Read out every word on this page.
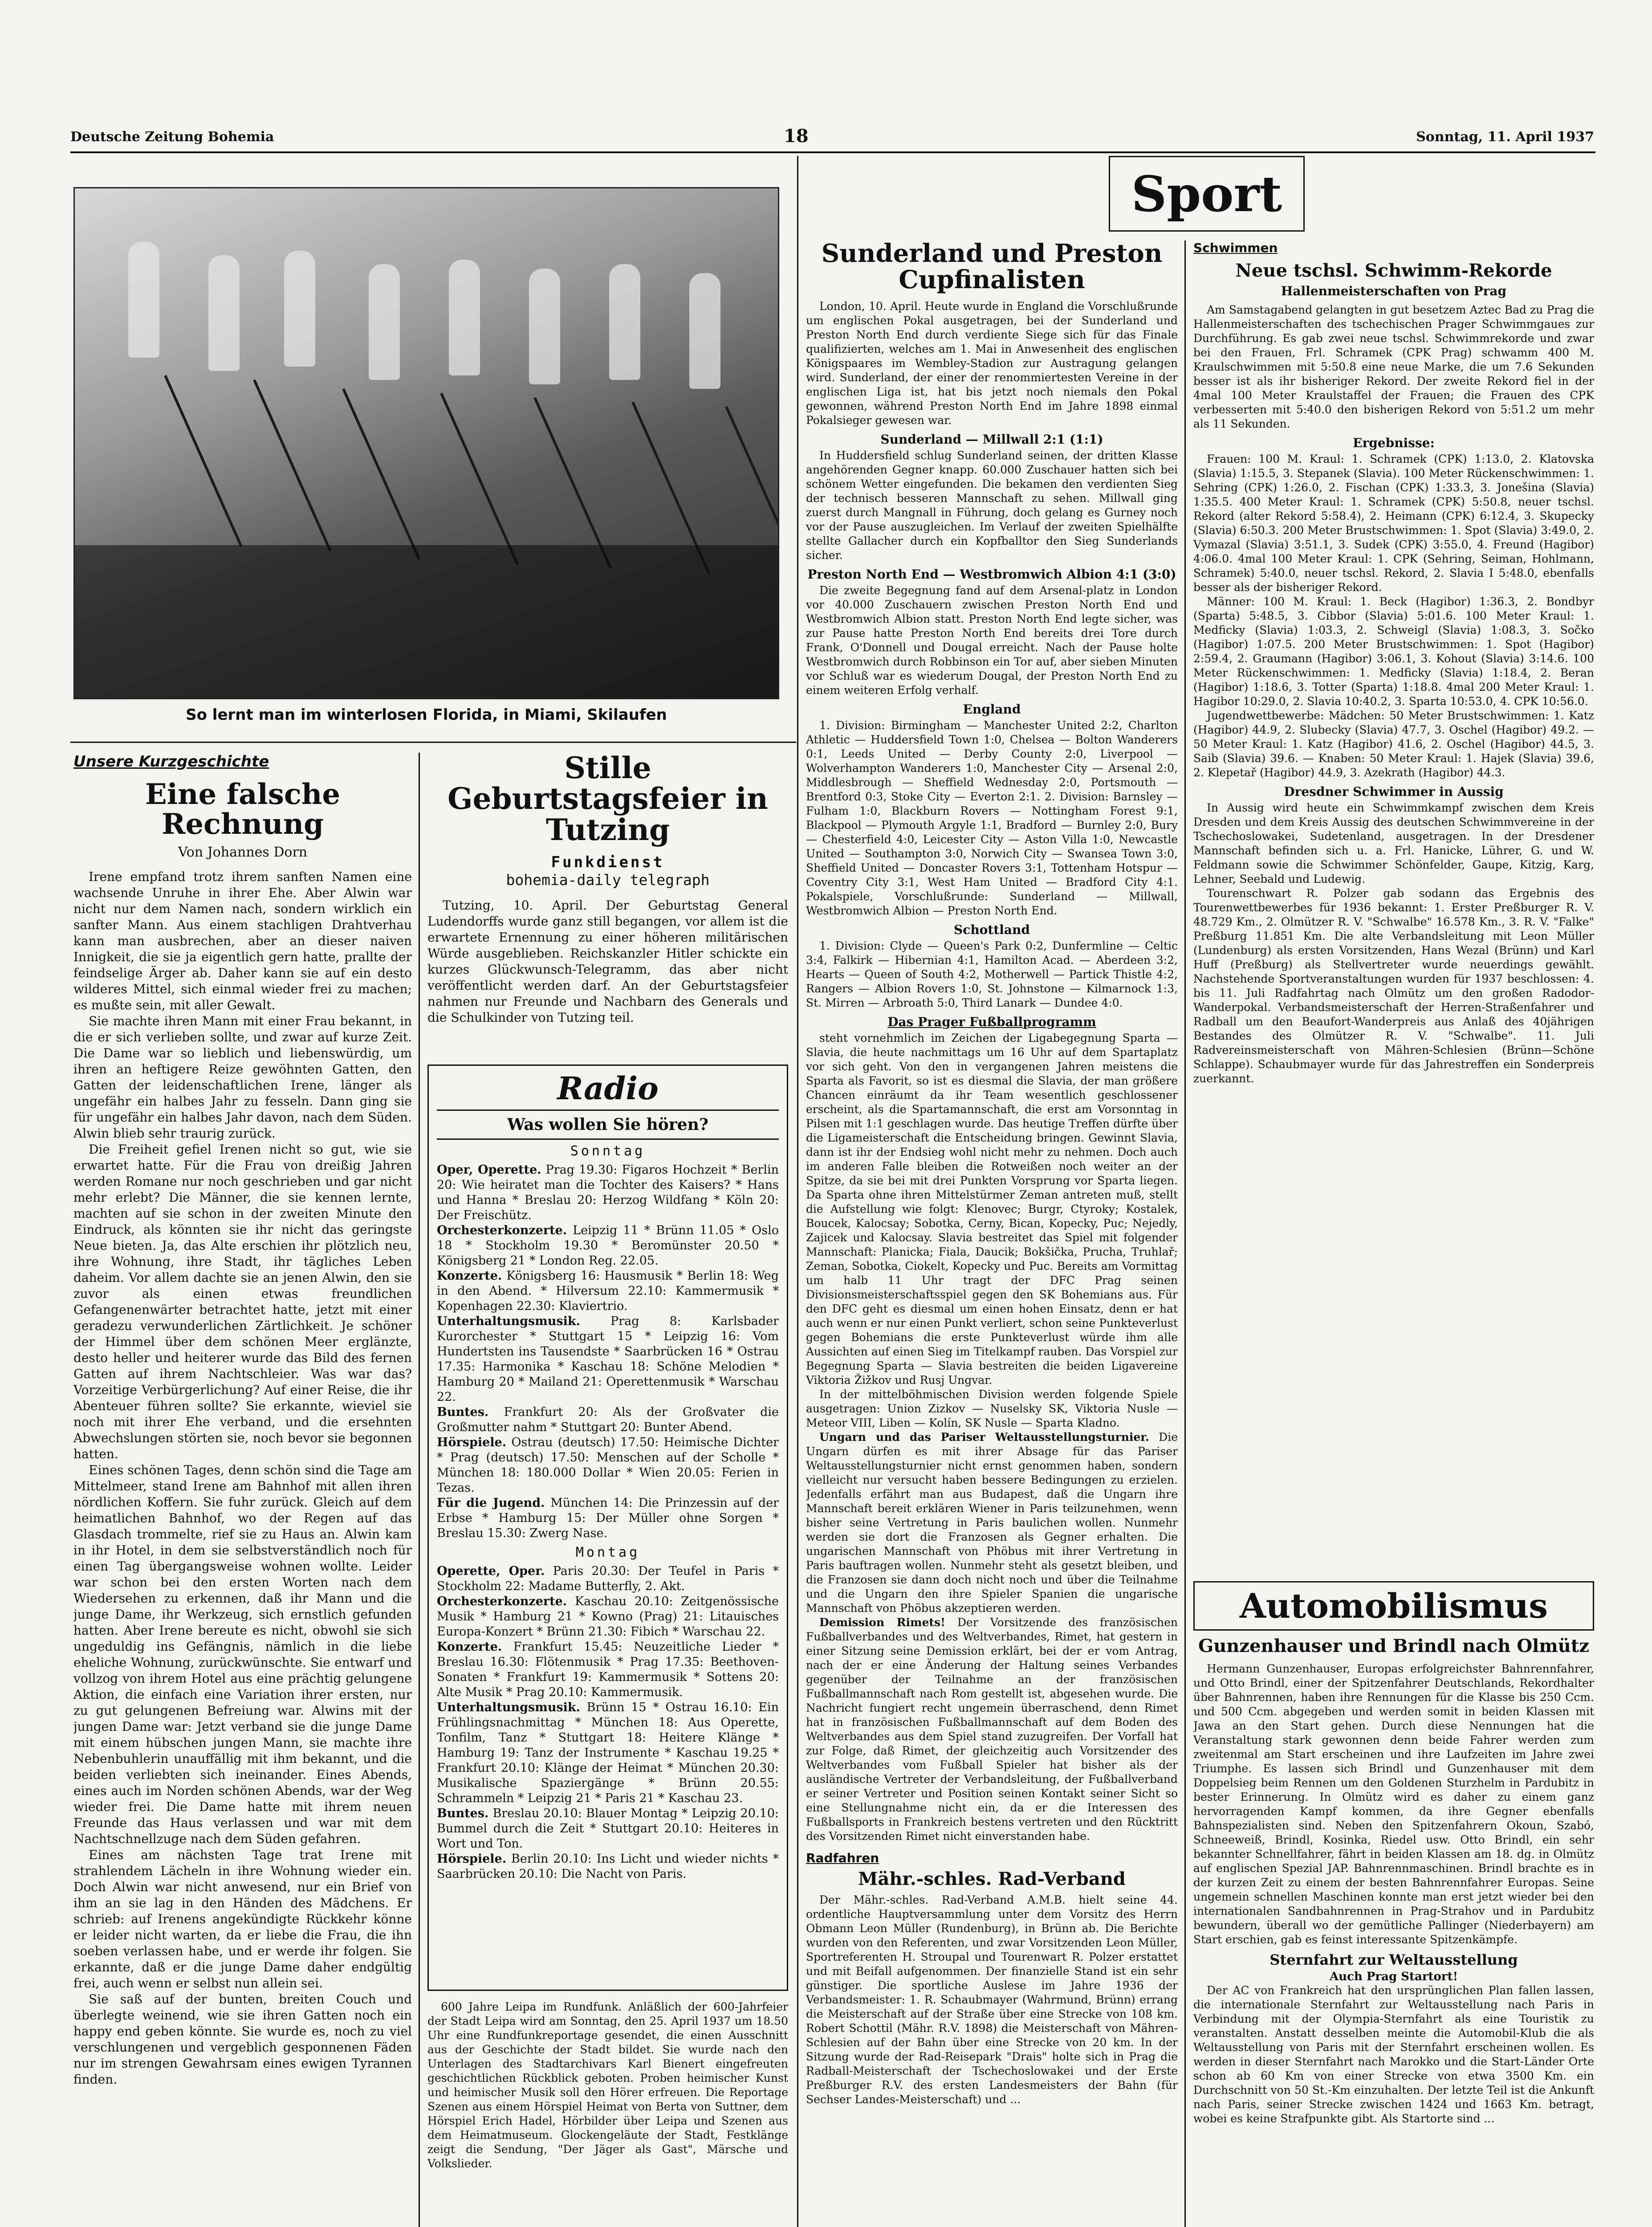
Deutsche Zeitung Bohemia	18	Sonntag, 11. April 1937
So lernt man im winterlosen Florida, in Miami, Skilaufen
Unsere Kurzgeschichte
Eine falsche Rechnung
Von Johannes Dorn

Irene empfand trotz ihrem sanften Namen eine wachsende Unruhe in ihrer Ehe. Aber Alwin war nicht nur dem Namen nach, sondern wirklich ein sanfter Mann. Aus einem stachligen Drahtverhau kann man ausbrechen, aber an dieser naiven Innigkeit, die sie ja eigentlich gern hatte, prallte der feindselige Ärger ab. Daher kann sie auf ein desto wilderes Mittel, sich einmal wieder frei zu machen; es mußte sein, mit aller Gewalt.

Sie machte ihren Mann mit einer Frau bekannt, in die er sich verlieben sollte, und zwar auf kurze Zeit. Die Dame war so lieblich und liebenswürdig, um ihren an heftigere Reize gewöhnten Gatten, den Gatten der leidenschaftlichen Irene, länger als ungefähr ein halbes Jahr zu fesseln. Dann ging sie für ungefähr ein halbes Jahr davon, nach dem Süden. Alwin blieb sehr traurig zurück.

Die Freiheit gefiel Irenen nicht so gut, wie sie erwartet hatte. Für die Frau von dreißig Jahren werden Romane nur noch geschrieben und gar nicht mehr erlebt? Die Männer, die sie kennen lernte, machten auf sie schon in der zweiten Minute den Eindruck, als könnten sie ihr nicht das geringste Neue bieten. Ja, das Alte erschien ihr plötzlich neu, ihre Wohnung, ihre Stadt, ihr tägliches Leben daheim. Vor allem dachte sie an jenen Alwin, den sie zuvor als einen etwas freundlichen Gefangenenwärter betrachtet hatte, jetzt mit einer geradezu verwunderlichen Zärtlichkeit. Je schöner der Himmel über dem schönen Meer erglänzte, desto heller und heiterer wurde das Bild des fernen Gatten auf ihrem Nachtschleier. Was war das? Vorzeitige Verbürgerlichung? Auf einer Reise, die ihr Abenteuer führen sollte? Sie erkannte, wieviel sie noch mit ihrer Ehe verband, und die ersehnten Abwechslungen störten sie, noch bevor sie begonnen hatten.

Eines schönen Tages, denn schön sind die Tage am Mittelmeer, stand Irene am Bahnhof mit allen ihren nördlichen Koffern. Sie fuhr zurück. Gleich auf dem heimatlichen Bahnhof, wo der Regen auf das Glasdach trommelte, rief sie zu Haus an. Alwin kam in ihr Hotel, in dem sie selbstverständlich noch für einen Tag übergangsweise wohnen wollte. Leider war schon bei den ersten Worten nach dem Wiedersehen zu erkennen, daß ihr Mann und die junge Dame, ihr Werkzeug, sich ernstlich gefunden hatten. Aber Irene bereute es nicht, obwohl sie sich ungeduldig ins Gefängnis, nämlich in die liebe eheliche Wohnung, zurückwünschte. Sie entwarf und vollzog von ihrem Hotel aus eine prächtig gelungene Aktion, die einfach eine Variation ihrer ersten, nur zu gut gelungenen Befreiung war. Alwins mit der jungen Dame war: Jetzt verband sie die junge Dame mit einem hübschen jungen Mann, sie machte ihre Nebenbuhlerin unauffällig mit ihm bekannt, und die beiden verliebten sich ineinander. Eines Abends, eines auch im Norden schönen Abends, war der Weg wieder frei. Die Dame hatte mit ihrem neuen Freunde das Haus verlassen und war mit dem Nachtschnellzuge nach dem Süden gefahren.

Eines am nächsten Tage trat Irene mit strahlendem Lächeln in ihre Wohnung wieder ein. Doch Alwin war nicht anwesend, nur ein Brief von ihm an sie lag in den Händen des Mädchens. Er schrieb: auf Irenens angekündigte Rückkehr könne er leider nicht warten, da er liebe die Frau, die ihn soeben verlassen habe, und er werde ihr folgen. Sie erkannte, daß er die junge Dame daher endgültig frei, auch wenn er selbst nun allein sei.

Sie saß auf der bunten, breiten Couch und überlegte weinend, wie sie ihren Gatten noch ein happy end geben könnte. Sie wurde es, noch zu viel verschlungenen und vergeblich gesponnenen Fäden nur im strengen Gewahrsam eines ewigen Tyrannen finden.

Stille Geburtstagsfeier in Tutzing
Funkdienst
bohemia-daily telegraph

Tutzing, 10. April. Der Geburtstag General Ludendorffs wurde ganz still begangen, vor allem ist die erwartete Ernennung zu einer höheren militärischen Würde ausgeblieben. Reichskanzler Hitler schickte ein kurzes Glückwunsch-Telegramm, das aber nicht veröffentlicht werden darf. An der Geburtstagsfeier nahmen nur Freunde und Nachbarn des Generals und die Schulkinder von Tutzing teil.

Radio
Was wollen Sie hören?
Sonntag

Oper, Operette. Prag 19.30: Figaros Hochzeit * Berlin 20: Wie heiratet man die Tochter des Kaisers? * Hans und Hanna * Breslau 20: Herzog Wildfang * Köln 20: Der Freischütz.

Orchesterkonzerte. Leipzig 11 * Brünn 11.05 * Oslo 18 * Stockholm 19.30 * Beromünster 20.50 * Königsberg 21 * London Reg. 22.05.

Konzerte. Königsberg 16: Hausmusik * Berlin 18: Weg in den Abend. * Hilversum 22.10: Kammermusik * Kopenhagen 22.30: Klaviertrio.

Unterhaltungsmusik.	Prag 8: Karlsbader Kurorchester * Stuttgart 15 * Leipzig 16: Vom Hundertsten ins Tausendste * Saarbrücken 16 * Ostrau 17.35: Harmonika * Kaschau 18: Schöne Melodien * Hamburg 20 * Mailand 21: Operettenmusik * Warschau 22.

Buntes. Frankfurt 20: Als der Großvater die Großmutter nahm * Stuttgart 20: Bunter Abend.

Hörspiele. Ostrau (deutsch) 17.50: Heimische Dichter * Prag (deutsch) 17.50: Menschen auf der Scholle * München 18: 180.000 Dollar * Wien 20.05: Ferien in Tezas.

Für die Jugend. München 14: Die Prinzessin auf der Erbse * Hamburg 15: Der Müller ohne Sorgen * Breslau 15.30: Zwerg Nase.

Montag

Operette, Oper. Paris 20.30: Der Teufel in Paris * Stockholm 22: Madame Butterfly, 2. Akt.

Orchesterkonzerte. Kaschau 20.10: Zeitgenössische Musik * Hamburg 21 * Kowno (Prag) 21: Litauisches Europa-Konzert * Brünn 21.30: Fibich * Warschau 22.

Konzerte. Frankfurt 15.45: Neuzeitliche Lieder * Breslau 16.30: Flötenmusik * Prag 17.35: Beethoven-Sonaten * Frankfurt 19: Kammermusik * Sottens 20: Alte Musik * Prag 20.10: Kammermusik.

Unterhaltungsmusik. Brünn 15 * Ostrau 16.10: Ein Frühlingsnachmittag * München 18: Aus Operette, Tonfilm, Tanz * Stuttgart 18: Heitere Klänge * Hamburg 19: Tanz der Instrumente * Kaschau 19.25 * Frankfurt 20.10: Klänge der Heimat * München 20.30: Musikalische Spaziergänge * Brünn 20.55: Schrammeln * Leipzig 21 * Paris 21 * Kaschau 23.

Buntes. Breslau 20.10: Blauer Montag * Leipzig 20.10: Bummel durch die Zeit * Stuttgart 20.10: Heiteres in Wort und Ton.

Hörspiele. Berlin 20.10: Ins Licht und wieder nichts * Saarbrücken 20.10: Die Nacht von Paris.

600 Jahre Leipa im Rundfunk. Anläßlich der 600-Jahrfeier der Stadt Leipa wird am Sonntag, den 25. April 1937 um 18.50 Uhr eine Rundfunkreportage gesendet, die einen Ausschnitt aus der Geschichte der Stadt bildet. Sie wurde nach den Unterlagen des Stadtarchivars Karl Bienert eingefreuten geschichtlichen Rückblick geboten. Proben heimischer Kunst und heimischer Musik soll den Hörer erfreuen. Die Reportage Szenen aus einem Hörspiel Heimat von Berta von Suttner, dem Hörspiel Erich Hadel, Hörbilder über Leipa und Szenen aus dem Heimatmuseum. Glockengeläute der Stadt, Festklänge zeigt die Sendung, "Der Jäger als Gast", Märsche und Volkslieder.

Sport
Sunderland und Preston Cupfinalisten

London, 10. April. Heute wurde in England die Vorschlußrunde um englischen Pokal ausgetragen, bei der Sunderland und Preston North End durch verdiente Siege sich für das Finale qualifizierten, welches am 1. Mai in Anwesenheit des englischen Königspaares im Wembley-Stadion zur Austragung gelangen wird. Sunderland, der einer der renommiertesten Vereine in der englischen Liga ist, hat bis jetzt noch niemals den Pokal gewonnen, während Preston North End im Jahre 1898 einmal Pokalsieger gewesen war.

Sunderland — Millwall 2:1 (1:1)

In Huddersfield schlug Sunderland seinen, der dritten Klasse angehörenden Gegner knapp. 60.000 Zuschauer hatten sich bei schönem Wetter eingefunden. Die bekamen den verdienten Sieg der technisch besseren Mannschaft zu sehen. Millwall ging zuerst durch Mangnall in Führung, doch gelang es Gurney noch vor der Pause auszugleichen. Im Verlauf der zweiten Spielhälfte stellte Gallacher durch ein Kopfballtor den Sieg Sunderlands sicher.

Preston North End — Westbromwich Albion 4:1 (3:0)

Die zweite Begegnung fand auf dem Arsenal-platz in London vor 40.000 Zuschauern zwischen Preston North End und Westbromwich Albion statt. Preston North End legte sicher, was zur Pause hatte Preston North End bereits drei Tore durch Frank, O'Donnell und Dougal erreicht. Nach der Pause holte Westbromwich durch Robbinson ein Tor auf, aber sieben Minuten vor Schluß war es wiederum Dougal, der Preston North End zu einem weiteren Erfolg verhalf.

England

1. Division: Birmingham — Manchester United 2:2, Charlton Athletic — Huddersfield Town 1:0, Chelsea — Bolton Wanderers 0:1, Leeds United — Derby County 2:0, Liverpool — Wolverhampton Wanderers 1:0, Manchester City — Arsenal 2:0, Middlesbrough — Sheffield Wednesday 2:0, Portsmouth — Brentford 0:3, Stoke City — Everton 2:1. 2. Division: Barnsley — Fulham 1:0, Blackburn Rovers — Nottingham Forest 9:1, Blackpool — Plymouth Argyle 1:1, Bradford — Burnley 2:0, Bury — Chesterfield 4:0, Leicester City — Aston Villa 1:0, Newcastle United — Southampton 3:0, Norwich City — Swansea Town 3:0, Sheffield United — Doncaster Rovers 3:1, Tottenham Hotspur — Coventry City 3:1, West Ham United — Bradford City 4:1. Pokalspiele, Vorschlußrunde: Sunderland — Millwall, Westbromwich Albion — Preston North End.

Schottland

1. Division: Clyde — Queen's Park 0:2, Dunfermline — Celtic 3:4, Falkirk — Hibernian 4:1, Hamilton Acad. — Aberdeen 3:2, Hearts — Queen of South 4:2, Motherwell — Partick Thistle 4:2, Rangers — Albion Rovers 1:0, St. Johnstone — Kilmarnock 1:3, St. Mirren — Arbroath 5:0, Third Lanark — Dundee 4:0.

Das Prager Fußballprogramm

steht vornehmlich im Zeichen der Ligabegegnung Sparta — Slavia, die heute nachmittags um 16 Uhr auf dem Spartaplatz vor sich geht. Von den in vergangenen Jahren meistens die Sparta als Favorit, so ist es diesmal die Slavia, der man größere Chancen einräumt da ihr Team wesentlich geschlossener erscheint, als die Spartamannschaft, die erst am Vorsonntag in Pilsen mit 1:1 geschlagen wurde. Das heutige Treffen dürfte über die Ligameisterschaft die Entscheidung bringen. Gewinnt Slavia, dann ist ihr der Endsieg wohl nicht mehr zu nehmen. Doch auch im anderen Falle bleiben die Rotweißen noch weiter an der Spitze, da sie bei mit drei Punkten Vorsprung vor Sparta liegen. Da Sparta ohne ihren Mittelstürmer Zeman antreten muß, stellt die Aufstellung wie folgt: Klenovec; Burgr, Ctyroky; Kostalek, Boucek, Kalocsay; Sobotka, Cerny, Bican, Kopecky, Puc; Nejedly, Zajicek und Kalocsay. Slavia bestreitet das Spiel mit folgender Mannschaft: Planicka; Fiala, Daucik; Bokšička, Prucha, Truhlař; Zeman, Sobotka, Ciokelt, Kopecky und Puc. Bereits am Vormittag um halb 11 Uhr tragt der DFC Prag seinen Divisionsmeisterschaftsspiel gegen den SK Bohemians aus. Für den DFC geht es diesmal um einen hohen Einsatz, denn er hat auch wenn er nur einen Punkt verliert, schon seine Punkteverlust gegen Bohemians die erste Punkteverlust würde ihm alle Aussichten auf einen Sieg im Titelkampf rauben. Das Vorspiel zur Begegnung Sparta — Slavia bestreiten die beiden Ligavereine Viktoria Žižkov und Rusj Ungvar.

In der mittelböhmischen Division werden folgende Spiele ausgetragen: Union Zizkov — Nuselsky SK, Viktoria Nusle — Meteor VIII, Liben — Kolín, SK Nusle — Sparta Kladno.

Ungarn und das Pariser Weltausstellungsturnier. Die Ungarn dürfen es mit ihrer Absage für das Pariser Weltausstellungsturnier nicht ernst genommen haben, sondern vielleicht nur versucht haben bessere Bedingungen zu erzielen. Jedenfalls erfährt man aus Budapest, daß die Ungarn ihre Mannschaft bereit erklären Wiener in Paris teilzunehmen, wenn bisher seine Vertretung in Paris baulichen wollen. Nunmehr werden sie dort die Franzosen als Gegner erhalten. Die ungarischen Mannschaft von Phöbus mit ihrer Vertretung in Paris bauftragen wollen. Nunmehr steht als gesetzt bleiben, und die Franzosen sie dann doch nicht noch und über die Teilnahme und die Ungarn den ihre Spieler Spanien die ungarische Mannschaft von Phöbus akzeptieren werden.

Demission Rimets! Der Vorsitzende des französischen Fußballverbandes und des Weltverbandes, Rimet, hat gestern in einer Sitzung seine Demission erklärt, bei der er vom Antrag, nach der er eine Änderung der Haltung seines Verbandes gegenüber der Teilnahme an der französischen Fußballmannschaft nach Rom gestellt ist, abgesehen wurde. Die Nachricht fungiert recht ungemein überraschend, denn Rimet hat in französischen Fußballmannschaft auf dem Boden des Weltverbandes aus dem Spiel stand zuzugreifen. Der Vorfall hat zur Folge, daß Rimet, der gleichzeitig auch Vorsitzender des Weltverbandes vom Fußball Spieler hat bisher als der ausländische Vertreter der Verbandsleitung, der Fußballverband er seiner Vertreter und Position seinen Kontakt seiner Sicht so eine Stellungnahme nicht ein, da er die Interessen des Fußballsports in Frankreich bestens vertreten und den Rücktritt des Vorsitzenden Rimet nicht einverstanden habe.

Radfahren
Mähr.-schles. Rad-Verband

Der Mähr.-schles. Rad-Verband A.M.B. hielt seine 44. ordentliche Hauptversammlung unter dem Vorsitz des Herrn Obmann Leon Müller (Rundenburg), in Brünn ab. Die Berichte wurden von den Referenten, und zwar Vorsitzenden Leon Müller, Sportreferenten H. Stroupal und Tourenwart R. Polzer erstattet und mit Beifall aufgenommen. Der finanzielle Stand ist ein sehr günstiger. Die sportliche Auslese im Jahre 1936 der Verbandsmeister: 1. R. Schaubmayer (Wahrmund, Brünn) errang die Meisterschaft auf der Straße über eine Strecke von 108 km. Robert Schottil (Mähr. R.V. 1898) die Meisterschaft von Mähren-Schlesien auf der Bahn über eine Strecke von 20 km. In der Sitzung wurde der Rad-Reisepark "Drais" holte sich in Prag die Radball-Meisterschaft der Tschechoslowakei und der Erste Preßburger R.V. des ersten Landesmeisters der Bahn (für Sechser Landes-Meisterschaft) und ...

Schwimmen
Neue tschsl. Schwimm-Rekorde
Hallenmeisterschaften von Prag

Am Samstagabend gelangten in gut besetzem Aztec Bad zu Prag die Hallenmeisterschaften des tschechischen Prager Schwimmgaues zur Durchführung. Es gab zwei neue tschsl. Schwimmrekorde und zwar bei den Frauen, Frl. Schramek (CPK Prag) schwamm 400 M. Kraulschwimmen mit 5:50.8 eine neue Marke, die um 7.6 Sekunden besser ist als ihr bisheriger Rekord. Der zweite Rekord fiel in der 4mal 100 Meter Kraulstaffel der Frauen; die Frauen des CPK verbesserten mit 5:40.0 den bisherigen Rekord von 5:51.2 um mehr als 11 Sekunden.

Ergebnisse:

Frauen: 100 M. Kraul: 1. Schramek (CPK) 1:13.0, 2. Klatovska (Slavia) 1:15.5, 3. Stepanek (Slavia). 100 Meter Rückenschwimmen: 1. Sehring (CPK) 1:26.0, 2. Fischan (CPK) 1:33.3, 3. Jonešina (Slavia) 1:35.5. 400 Meter Kraul: 1. Schramek (CPK) 5:50.8, neuer tschsl. Rekord (alter Rekord 5:58.4), 2. Heimann (CPK) 6:12.4, 3. Skupecky (Slavia) 6:50.3. 200 Meter Brustschwimmen: 1. Spot (Slavia) 3:49.0, 2. Vymazal (Slavia) 3:51.1, 3. Sudek (CPK) 3:55.0, 4. Freund (Hagibor) 4:06.0. 4mal 100 Meter Kraul: 1. CPK (Sehring, Seiman, Hohlmann, Schramek) 5:40.0, neuer tschsl. Rekord, 2. Slavia I 5:48.0, ebenfalls besser als der bisheriger Rekord.

Männer: 100 M. Kraul: 1. Beck (Hagibor) 1:36.3, 2. Bondbyr (Sparta) 5:48.5, 3. Cibbor (Slavia) 5:01.6. 100 Meter Kraul: 1. Medficky (Slavia) 1:03.3, 2. Schweigl (Slavia) 1:08.3, 3. Sočko (Hagibor) 1:07.5. 200 Meter Brustschwimmen: 1. Spot (Hagibor) 2:59.4, 2. Graumann (Hagibor) 3:06.1, 3. Kohout (Slavia) 3:14.6. 100 Meter Rückenschwimmen: 1. Medficky (Slavia) 1:18.4, 2. Beran (Hagibor) 1:18.6, 3. Totter (Sparta) 1:18.8. 4mal 200 Meter Kraul: 1. Hagibor 10:29.0, 2. Slavia 10:40.2, 3. Sparta 10:53.0, 4. CPK 10:56.0.

Jugendwettbewerbe: Mädchen: 50 Meter Brustschwimmen: 1. Katz (Hagibor) 44.9, 2. Slubecky (Slavia) 47.7, 3. Oschel (Hagibor) 49.2. — 50 Meter Kraul: 1. Katz (Hagibor) 41.6, 2. Oschel (Hagibor) 44.5, 3. Saib (Slavia) 39.6. — Knaben: 50 Meter Kraul: 1. Hajek (Slavia) 39.6, 2. Klepetař (Hagibor) 44.9, 3. Azekrath (Hagibor) 44.3.

Dresdner Schwimmer in Aussig

In Aussig wird heute ein Schwimmkampf zwischen dem Kreis Dresden und dem Kreis Aussig des deutschen Schwimmvereine in der Tschechoslowakei, Sudetenland, ausgetragen. In der Dresdener Mannschaft befinden sich u. a. Frl. Hanicke, Lührer, G. und W. Feldmann sowie die Schwimmer Schönfelder, Gaupe, Kitzig, Karg, Lehner, Seebald und Ludewig.

Tourenschwart R. Polzer gab sodann das Ergebnis des Tourenwettbewerbes für 1936 bekannt: 1. Erster Preßburger R. V. 48.729 Km., 2. Olmützer R. V. "Schwalbe" 16.578 Km., 3. R. V. "Falke" Preßburg 11.851 Km. Die alte Verbandsleitung mit Leon Müller (Lundenburg) als ersten Vorsitzenden, Hans Wezal (Brünn) und Karl Huff (Preßburg) als Stellvertreter wurde neuerdings gewählt. Nachstehende Sportveranstaltungen wurden für 1937 beschlossen: 4. bis 11. Juli Radfahrtag nach Olmütz um den großen Radodor-Wanderpokal. Verbandsmeisterschaft der Herren-Straßenfahrer und Radball um den Beaufort-Wanderpreis aus Anlaß des 40jährigen Bestandes des Olmützer R. V. "Schwalbe". 11. Juli Radvereinsmeisterschaft von Mähren-Schlesien (Brünn—Schöne Schlappe). Schaubmayer wurde für das Jahrestreffen ein Sonderpreis zuerkannt.

Automobilismus
Gunzenhauser und Brindl nach Olmütz

Hermann Gunzenhauser, Europas erfolgreichster Bahnrennfahrer, und Otto Brindl, einer der Spitzenfahrer Deutschlands, Rekordhalter über Bahnrennen, haben ihre Rennungen für die Klasse bis 250 Ccm. und 500 Ccm. abgegeben und werden somit in beiden Klassen mit Jawa an den Start gehen. Durch diese Nennungen hat die Veranstaltung stark gewonnen denn beide Fahrer werden zum zweitenmal am Start erscheinen und ihre Laufzeiten im Jahre zwei Triumphe. Es lassen sich Brindl und Gunzenhauser mit dem Doppelsieg beim Rennen um den Goldenen Sturzhelm in Pardubitz in bester Erinnerung. In Olmütz wird es daher zu einem ganz hervorragenden Kampf kommen, da ihre Gegner ebenfalls Bahnspezialisten sind. Neben den Spitzenfahrern Okoun, Szabó, Schneeweiß, Brindl, Kosinka, Riedel usw. Otto Brindl, ein sehr bekannter Schnellfahrer, fährt in beiden Klassen am 18. dg. in Olmütz auf englischen Spezial JAP. Bahnrennmaschinen. Brindl brachte es in der kurzen Zeit zu einem der besten Bahnrennfahrer Europas. Seine ungemein schnellen Maschinen konnte man erst jetzt wieder bei den internationalen Sandbahnrennen in Prag-Strahov und in Pardubitz bewundern, überall wo der gemütliche Pallinger (Niederbayern) am Start erschien, gab es feinst interessante Spitzenkämpfe.

Sternfahrt zur Weltausstellung
Auch Prag Startort!

Der AC von Frankreich hat den ursprünglichen Plan fallen lassen, die internationale Sternfahrt zur Weltausstellung nach Paris in Verbindung mit der Olympia-Sternfahrt als eine Touristik zu veranstalten. Anstatt desselben meinte die Automobil-Klub die als Weltausstellung von Paris mit der Sternfahrt erscheinen wollen. Es werden in dieser Sternfahrt nach Marokko und die Start-Länder Orte schon ab 60 Km von einer Strecke von etwa 3500 Km. ein Durchschnitt von 50 St.-Km einzuhalten. Der letzte Teil ist die Ankunft nach Paris, seiner Strecke zwischen 1424 und 1663 Km. betragt, wobei es keine Strafpunkte gibt. Als Startorte sind ...
